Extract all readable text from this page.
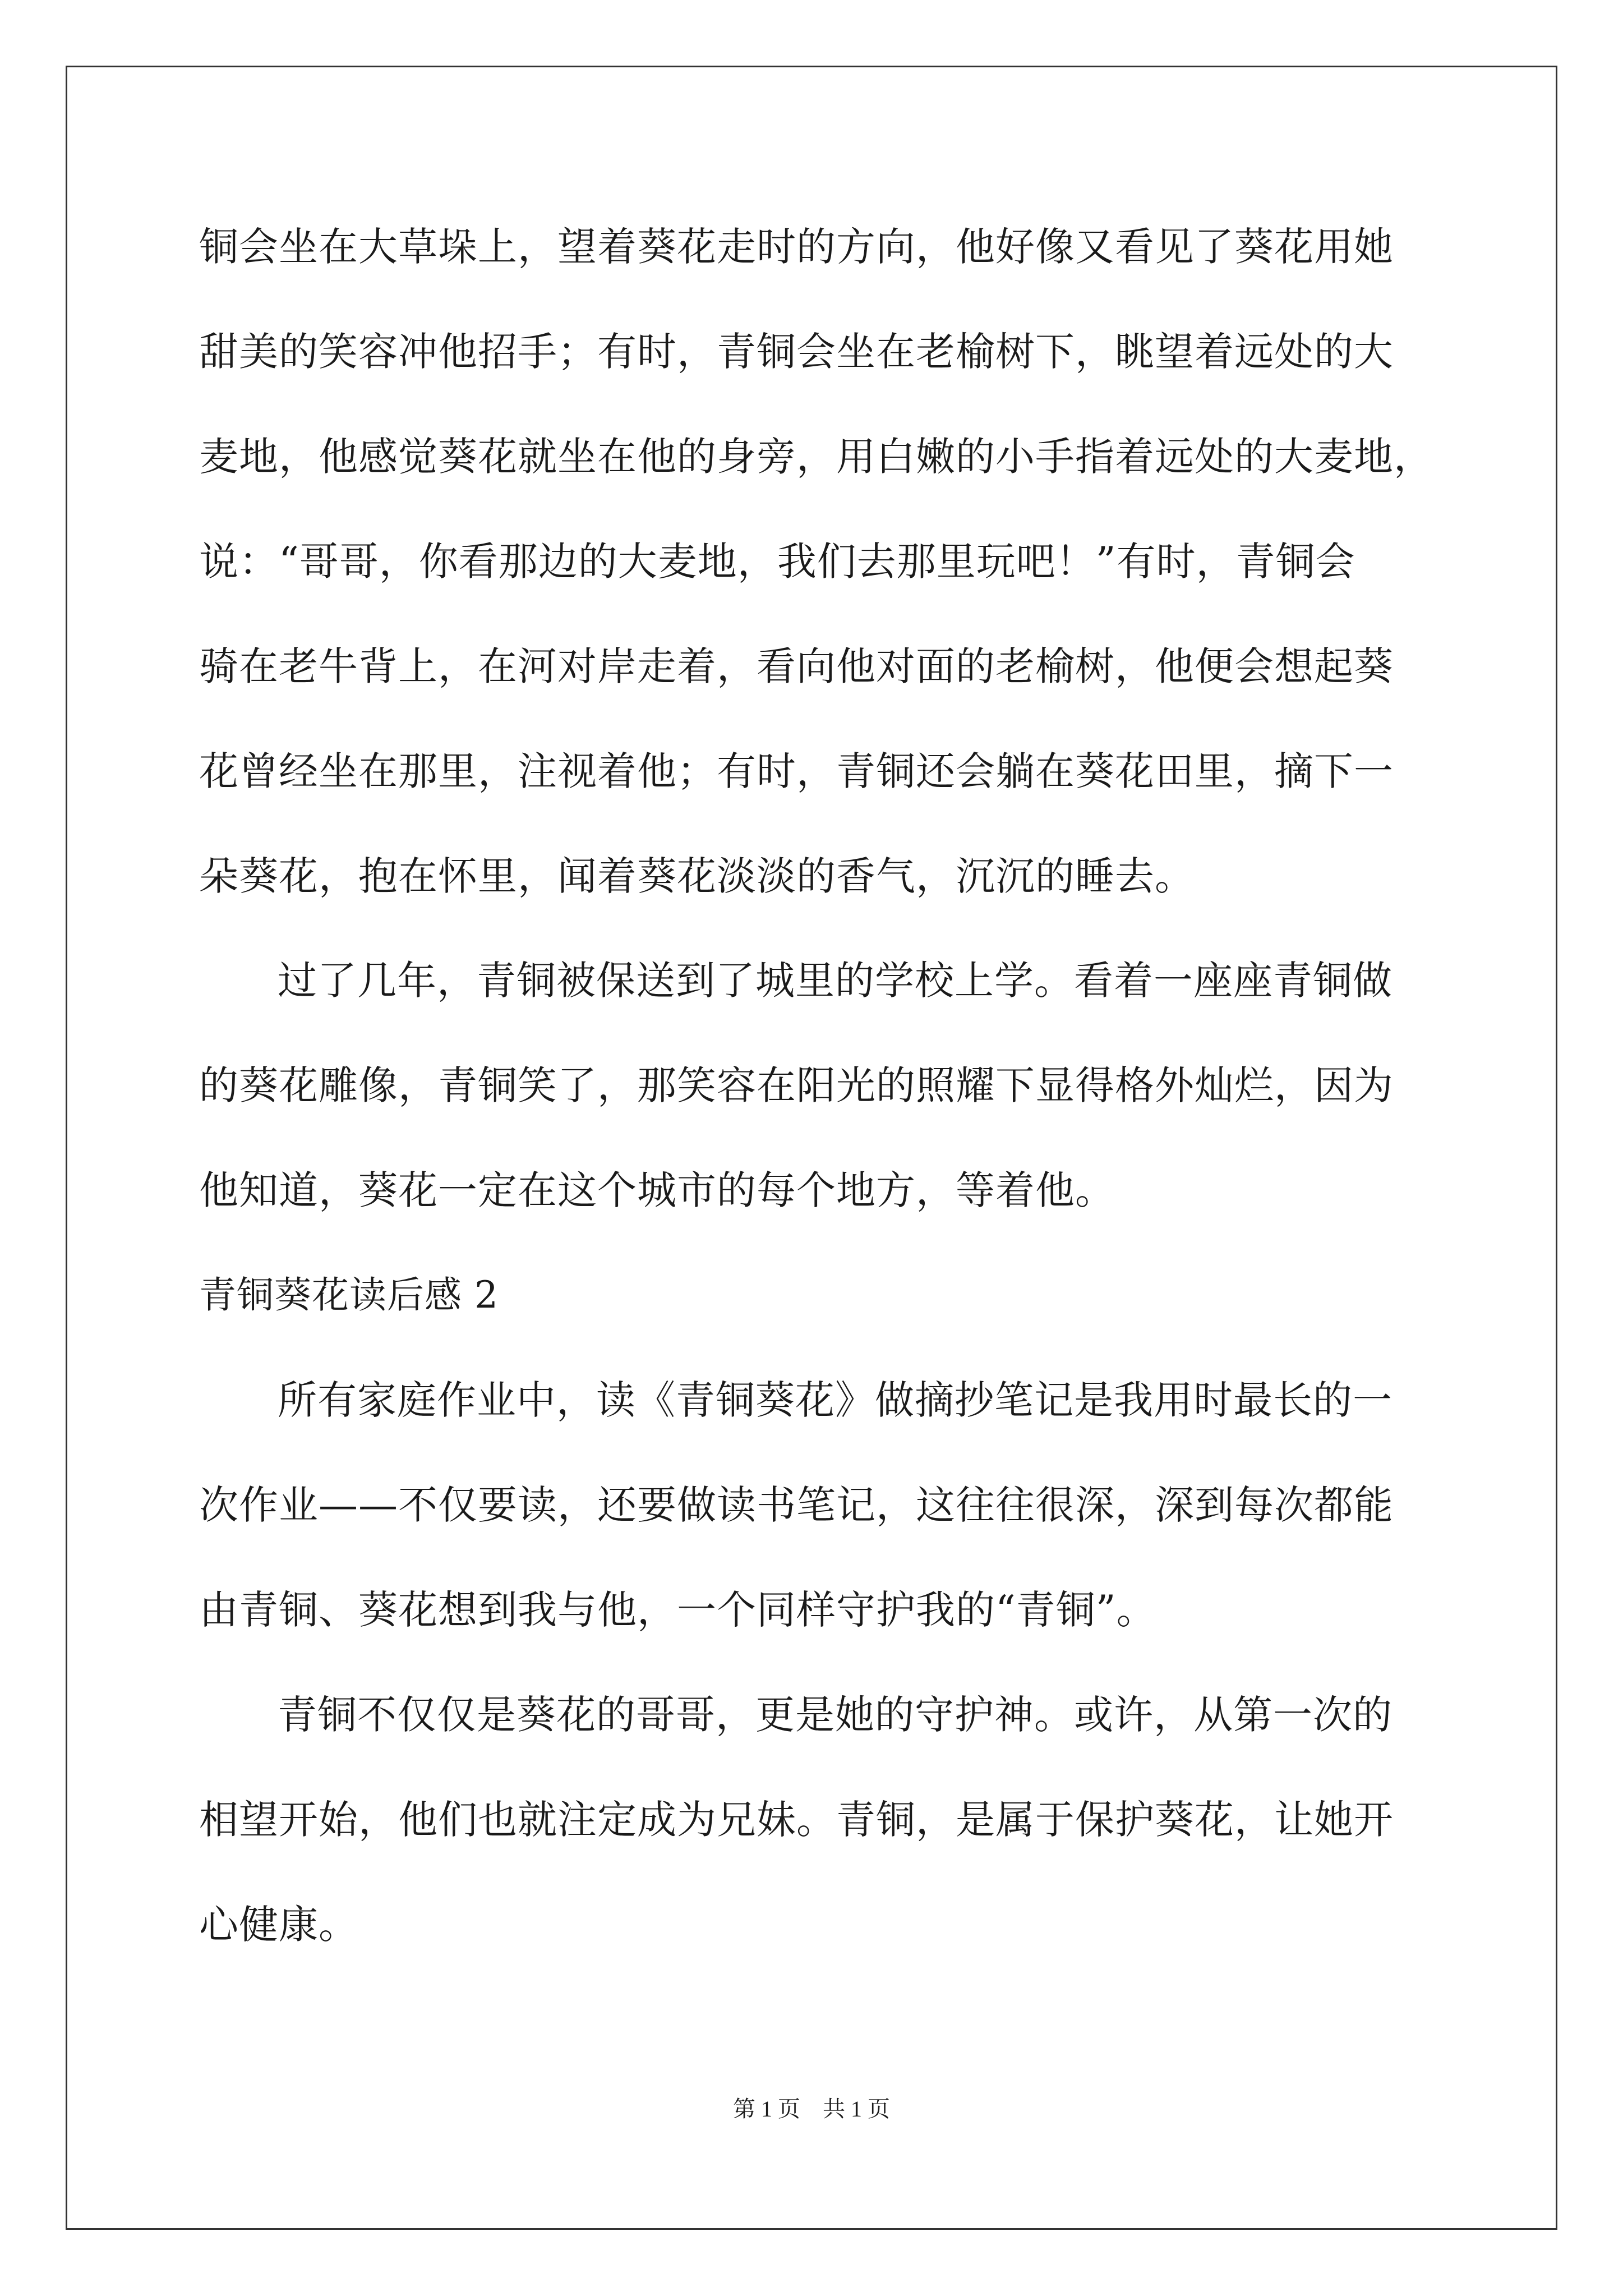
铜会坐在大草垛上，望着葵花走时的方向，他好像又看见了葵花用她
甜美的笑容冲他招手；有时，青铜会坐在老榆树下，眺望着远处的大
麦地，他感觉葵花就坐在他的身旁，用白嫩的小手指着远处的大麦地，
说：“哥哥，你看那边的大麦地，我们去那里玩吧！”有时，青铜会
骑在老牛背上，在河对岸走着，看向他对面的老榆树，他便会想起葵
花曾经坐在那里，注视着他；有时，青铜还会躺在葵花田里，摘下一
朵葵花，抱在怀里，闻着葵花淡淡的香气，沉沉的睡去。
过了几年，青铜被保送到了城里的学校上学。看着一座座青铜做
的葵花雕像，青铜笑了，那笑容在阳光的照耀下显得格外灿烂，因为
他知道，葵花一定在这个城市的每个地方，等着他。
青铜葵花读后感 2
所有家庭作业中，读《青铜葵花》做摘抄笔记是我用时最长的一
次作业——不仅要读，还要做读书笔记，这往往很深，深到每次都能
由青铜、葵花想到我与他，一个同样守护我的“青铜”。
青铜不仅仅是葵花的哥哥，更是她的守护神。或许，从第一次的
相望开始，他们也就注定成为兄妹。青铜，是属于保护葵花，让她开
心健康。
第 1 页    共 1 页
